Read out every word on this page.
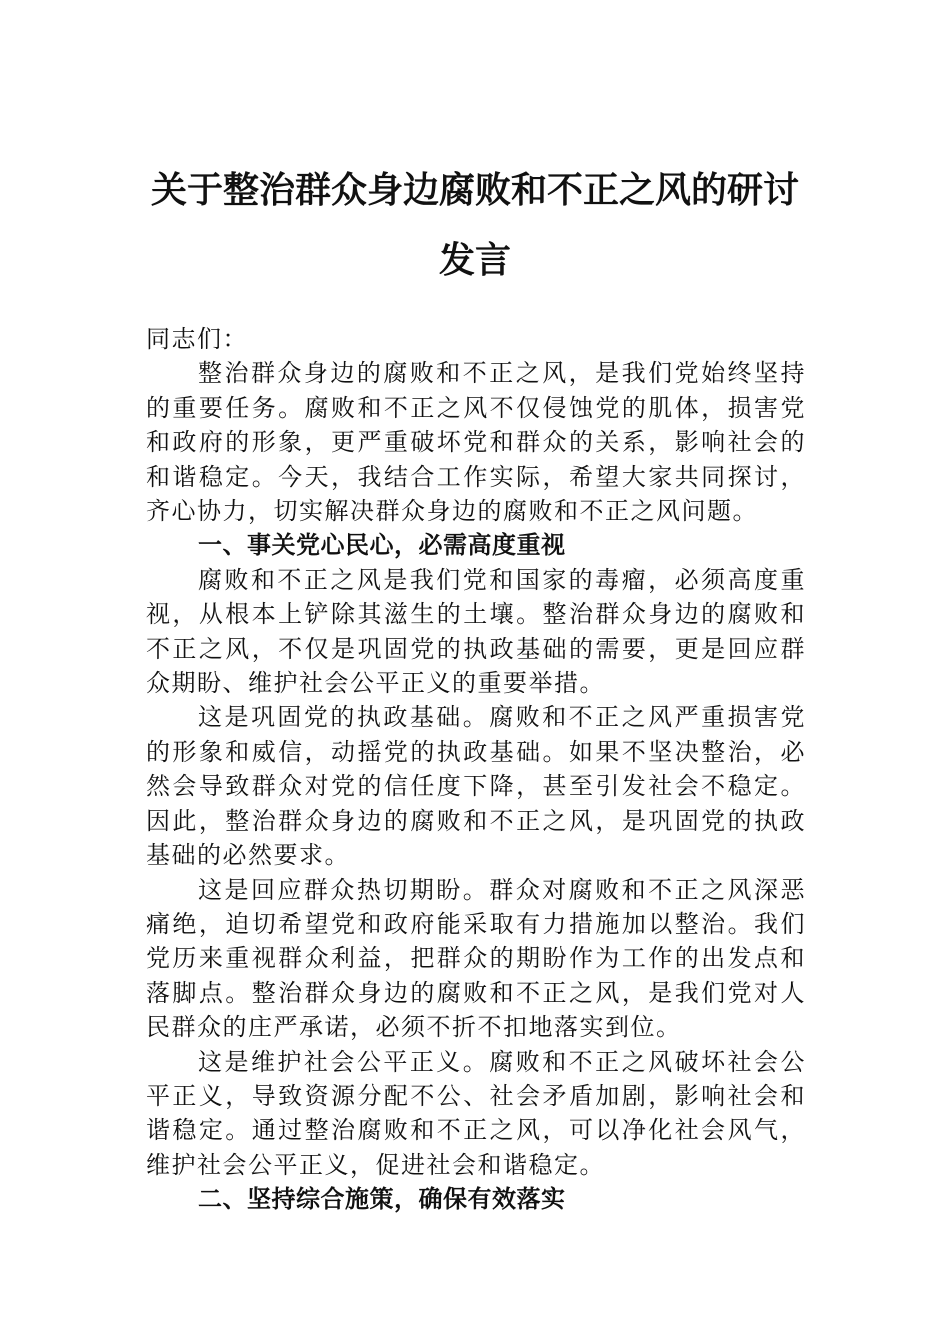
关于整治群众身边腐败和不正之风的研讨
发言

同志们：

整治群众身边的腐败和不正之风，是我们党始终坚持的重要任务。腐败和不正之风不仅侵蚀党的肌体，损害党和政府的形象，更严重破坏党和群众的关系，影响社会的和谐稳定。今天，我结合工作实际，希望大家共同探讨，齐心协力，切实解决群众身边的腐败和不正之风问题。

一、事关党心民心，必需高度重视

腐败和不正之风是我们党和国家的毒瘤，必须高度重视，从根本上铲除其滋生的土壤。整治群众身边的腐败和不正之风，不仅是巩固党的执政基础的需要，更是回应群众期盼、维护社会公平正义的重要举措。

这是巩固党的执政基础。腐败和不正之风严重损害党的形象和威信，动摇党的执政基础。如果不坚决整治，必然会导致群众对党的信任度下降，甚至引发社会不稳定。因此，整治群众身边的腐败和不正之风，是巩固党的执政基础的必然要求。

这是回应群众热切期盼。群众对腐败和不正之风深恶痛绝，迫切希望党和政府能采取有力措施加以整治。我们党历来重视群众利益，把群众的期盼作为工作的出发点和落脚点。整治群众身边的腐败和不正之风，是我们党对人民群众的庄严承诺，必须不折不扣地落实到位。

这是维护社会公平正义。腐败和不正之风破坏社会公平正义，导致资源分配不公、社会矛盾加剧，影响社会和谐稳定。通过整治腐败和不正之风，可以净化社会风气，维护社会公平正义，促进社会和谐稳定。

二、坚持综合施策，确保有效落实
